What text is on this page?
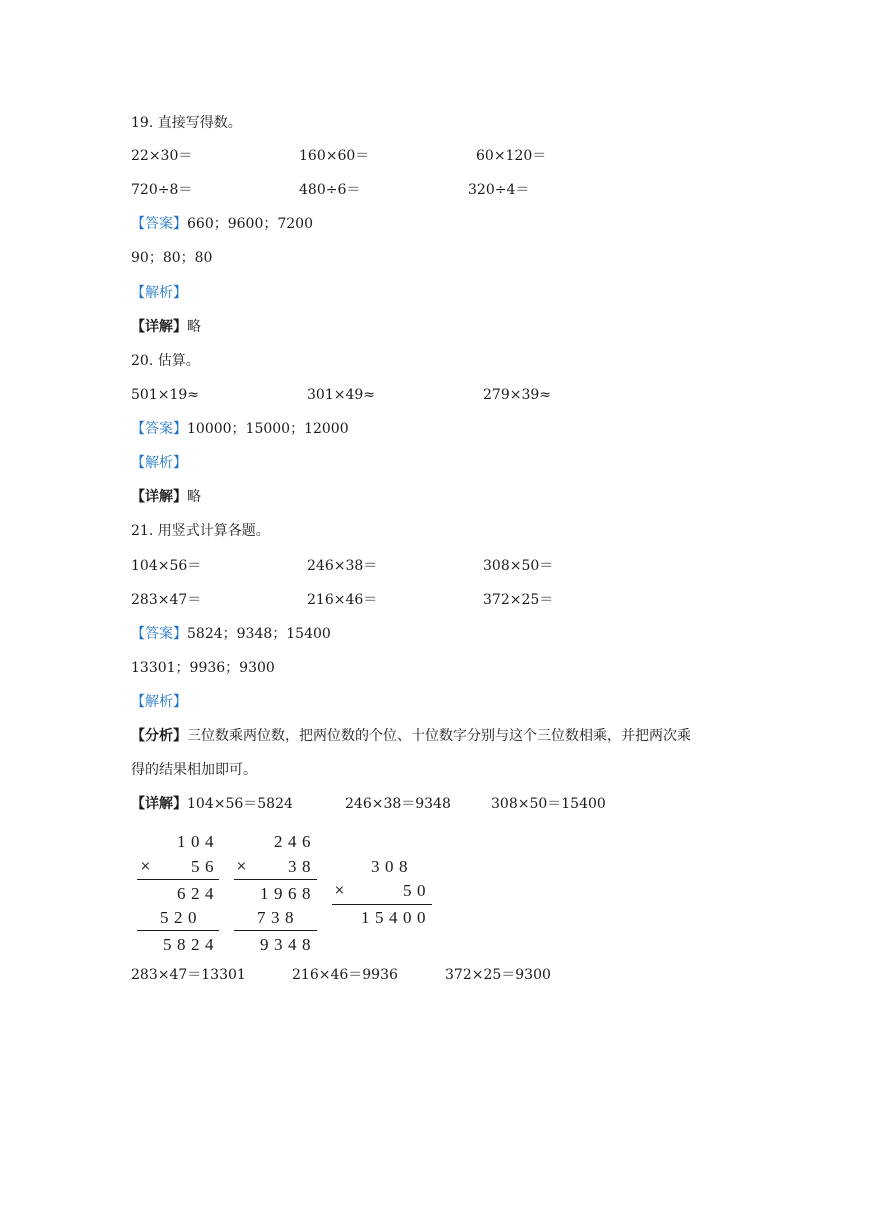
19. 直接写得数。
22×30＝	160×60＝	60×120＝
720÷8＝	480÷6＝	320÷4＝
【答案】660；9600；7200
90；80；80
【解析】
【详解】略
20. 估算。
501×19≈	301×49≈	279×39≈
【答案】10000；15000；12000
【解析】
【详解】略
21. 用竖式计算各题。
104×56＝	246×38＝	308×50＝
283×47＝	216×46＝	372×25＝
【答案】5824；9348；15400
13301；9936；9300
【解析】
【分析】三位数乘两位数，把两位数的个位、十位数字分别与这个三位数相乘，并把两次乘
得的结果相加即可。
【详解】104×56＝5824	246×38＝9348	308×50＝15400
104
× 56
624
520
5824
246
× 38
1968
738
9348
308
×	50
15400
283×47＝13301	216×46＝9936	372×25＝9300
